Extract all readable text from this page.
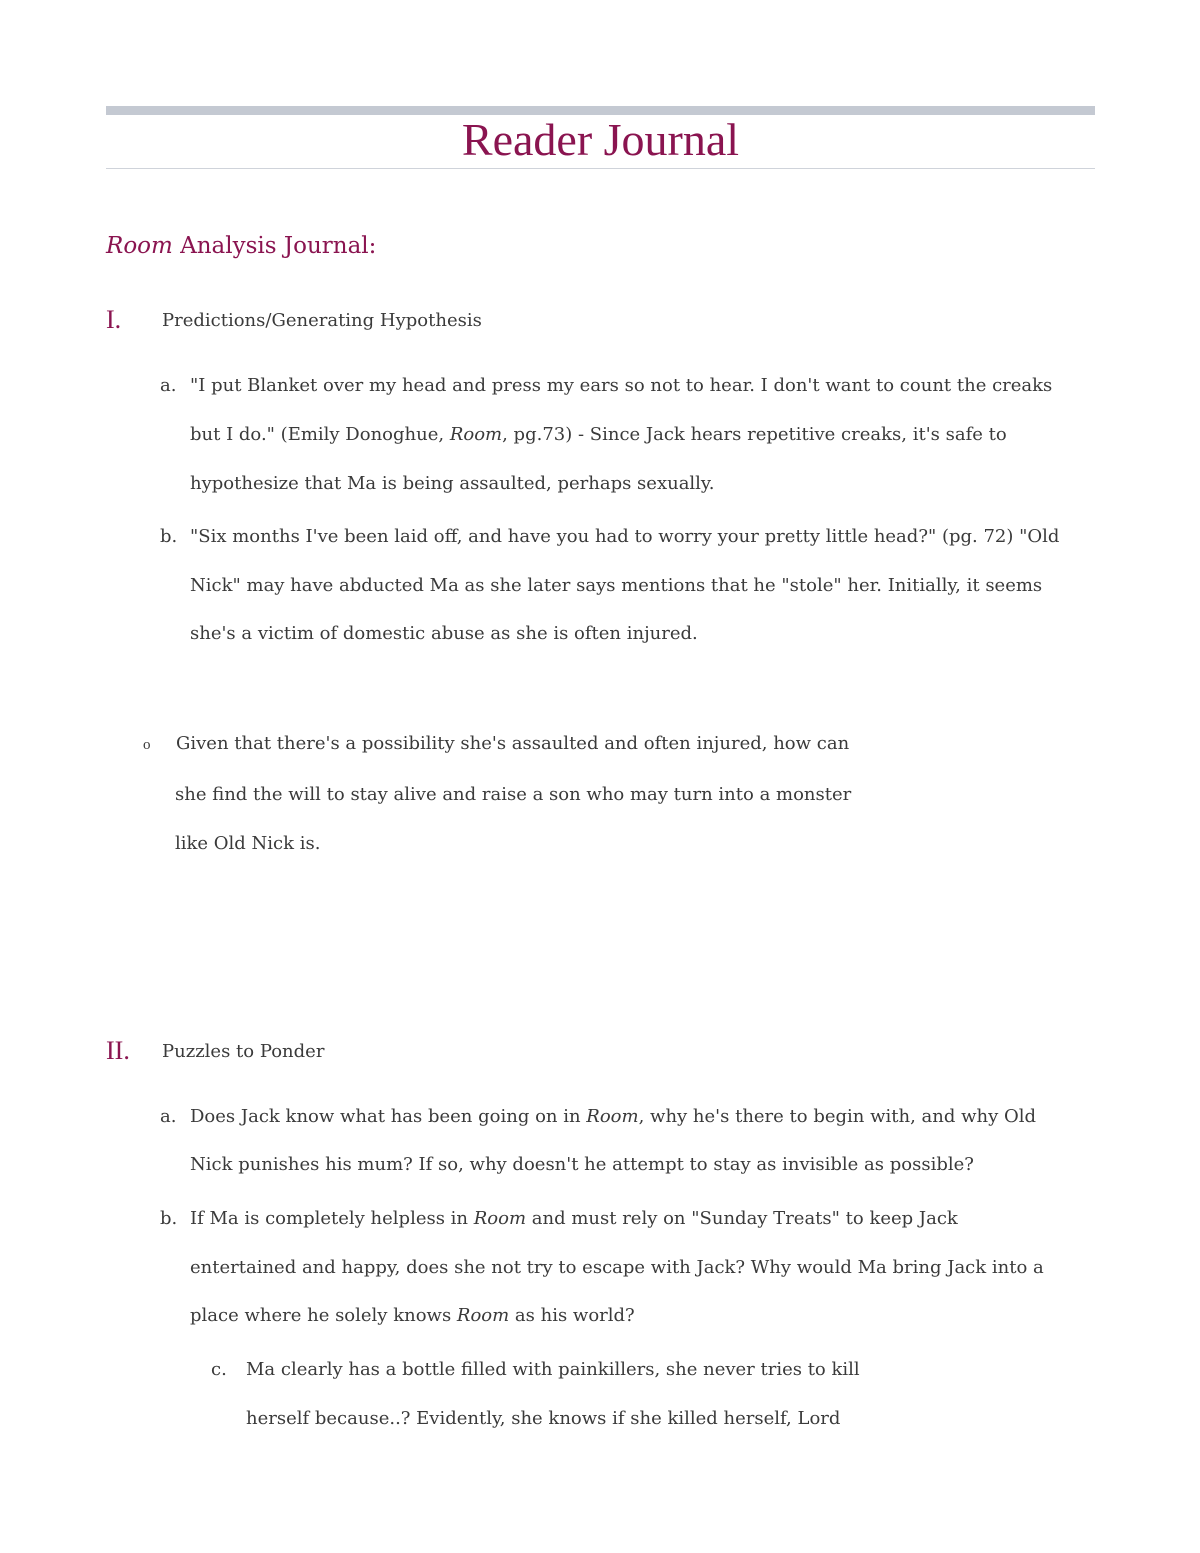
Reader Journal
Room Analysis Journal:
I. Predictions/Generating Hypothesis
a. "I put Blanket over my head and press my ears so not to hear. I don't want to count the creaks
but I do." (Emily Donoghue, Room, pg.73) - Since Jack hears repetitive creaks, it's safe to
hypothesize that Ma is being assaulted, perhaps sexually.
b. "Six months I've been laid off, and have you had to worry your pretty little head?" (pg. 72) "Old
Nick" may have abducted Ma as she later says mentions that he "stole" her. Initially, it seems
she's a victim of domestic abuse as she is often injured.
o Given that there's a possibility she's assaulted and often injured, how can
she find the will to stay alive and raise a son who may turn into a monster
like Old Nick is.
II. Puzzles to Ponder
a. Does Jack know what has been going on in Room, why he's there to begin with, and why Old
Nick punishes his mum? If so, why doesn't he attempt to stay as invisible as possible?
b. If Ma is completely helpless in Room and must rely on "Sunday Treats" to keep Jack
entertained and happy, does she not try to escape with Jack? Why would Ma bring Jack into a
place where he solely knows Room as his world?
c. Ma clearly has a bottle filled with painkillers, she never tries to kill
herself because..? Evidently, she knows if she killed herself, Lord
